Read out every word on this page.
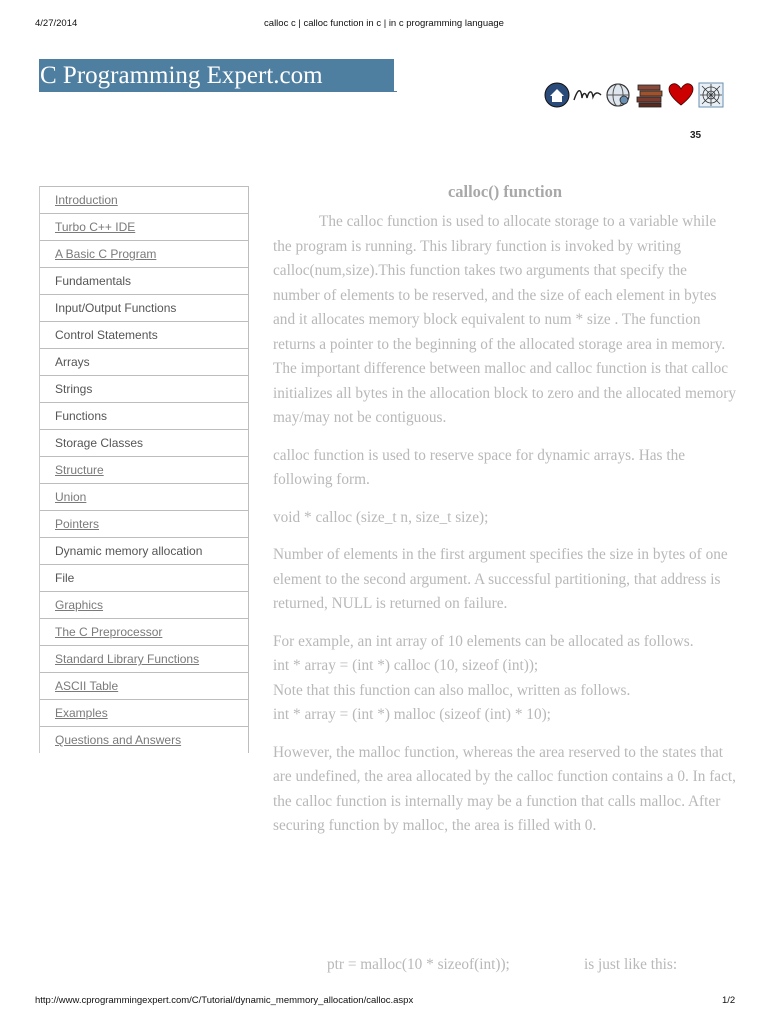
4/27/2014	calloc c | calloc function in c | in c programming language
C Programming Expert.com
35
Introduction
Turbo C++ IDE
A Basic C Program
Fundamentals
Input/Output Functions
Control Statements
Arrays
Strings
Functions
Storage Classes
Structure
Union
Pointers
Dynamic memory allocation
File
Graphics
The C Preprocessor
Standard Library Functions
ASCII Table
Examples
Questions and Answers
calloc() function

The calloc function is used to allocate storage to a variable while the program is running. This library function is invoked by writing calloc(num,size).This function takes two arguments that specify the number of elements to be reserved, and the size of each element in bytes and it allocates memory block equivalent to num * size . The function returns a pointer to the beginning of the allocated storage area in memory. The important difference between malloc and calloc function is that calloc initializes all bytes in the allocation block to zero and the allocated memory may/may not be contiguous.

calloc function is used to reserve space for dynamic arrays. Has the following form.

void * calloc (size_t n, size_t size);

Number of elements in the first argument specifies the size in bytes of one element to the second argument. A successful partitioning, that address is returned, NULL is returned on failure.

For example, an int array of 10 elements can be allocated as follows.
int * array = (int *) calloc (10, sizeof (int));
Note that this function can also malloc, written as follows.
int * array = (int *) malloc (sizeof (int) * 10);

However, the malloc function, whereas the area reserved to the states that are undefined, the area allocated by the calloc function contains a 0. In fact, the calloc function is internally may be a function that calls malloc. After securing function by malloc, the area is filled with 0.

ptr = malloc(10 * sizeof(int));	is just like this:
http://www.cprogrammingexpert.com/C/Tutorial/dynamic_memmory_allocation/calloc.aspx	1/2
